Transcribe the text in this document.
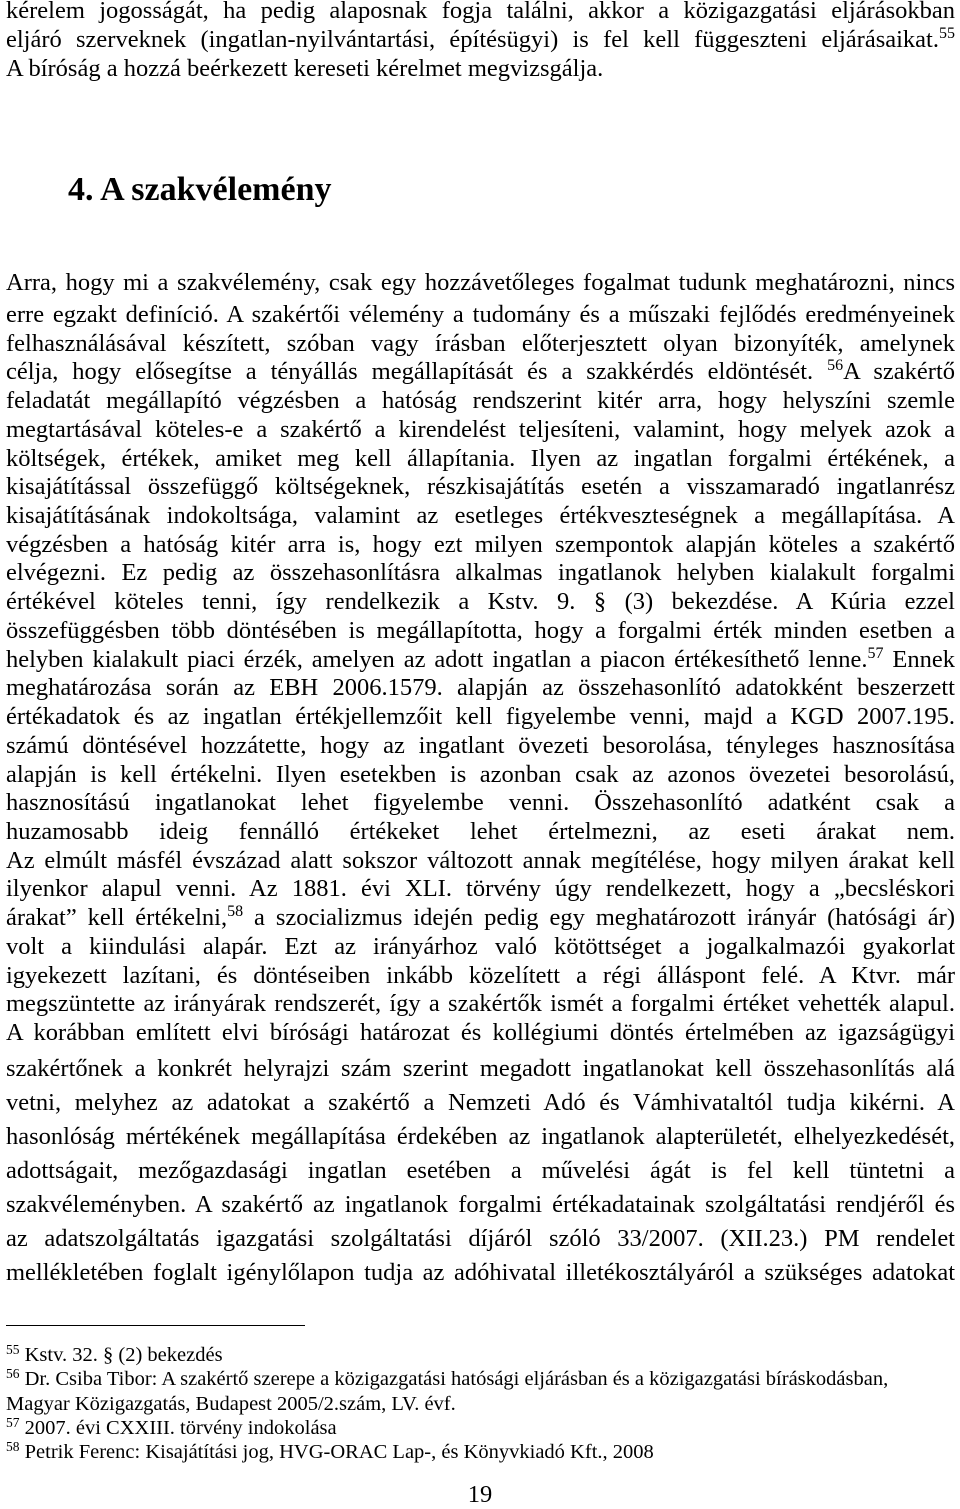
kérelem jogosságát, ha pedig alaposnak fogja találni, akkor a közigazgatási eljárásokban
eljáró szerveknek (ingatlan-nyilvántartási, építésügyi) is fel kell függeszteni eljárásaikat.$^{55}$
A bíróság a hozzá beérkezett kereseti kérelmet megvizsgálja.
4. A szakvélemény
Arra, hogy mi a szakvélemény, csak egy hozzávetőleges fogalmat tudunk meghatározni, nincs
erre egzakt definíció. A szakértői vélemény a tudomány és a műszaki fejlődés eredményeinek
felhasználásával készített, szóban vagy írásban előterjesztett olyan bizonyíték, amelynek
célja, hogy elősegítse a tényállás megállapítását és a szakkérdés eldöntését. $^{56}$A szakértő
feladatát megállapító végzésben a hatóság rendszerint kitér arra, hogy helyszíni szemle
megtartásával köteles-e a szakértő a kirendelést teljesíteni, valamint, hogy melyek azok a
költségek, értékek, amiket meg kell állapítania. Ilyen az ingatlan forgalmi értékének, a
kisajátítással összefüggő költségeknek, részkisajátítás esetén a visszamaradó ingatlanrész
kisajátításának indokoltsága, valamint az esetleges értékveszteségnek a megállapítása. A
végzésben a hatóság kitér arra is, hogy ezt milyen szempontok alapján köteles a szakértő
elvégezni. Ez pedig az összehasonlításra alkalmas ingatlanok helyben kialakult forgalmi
értékével köteles tenni, így rendelkezik a Kstv. 9. § (3) bekezdése. A Kúria ezzel
összefüggésben több döntésében is megállapította, hogy a forgalmi érték minden esetben a
helyben kialakult piaci érzék, amelyen az adott ingatlan a piacon értékesíthető lenne.$^{57}$ Ennek
meghatározása során az EBH 2006.1579. alapján az összehasonlító adatokként beszerzett
értékadatok és az ingatlan értékjellemzőit kell figyelembe venni, majd a KGD 2007.195.
számú döntésével hozzátette, hogy az ingatlant övezeti besorolása, tényleges hasznosítása
alapján is kell értékelni. Ilyen esetekben is azonban csak az azonos övezetei besorolású,
hasznosítású ingatlanokat lehet figyelembe venni. Összehasonlító adatként csak a
huzamosabb ideig fennálló értékeket lehet értelmezni, az eseti árakat nem.
Az elmúlt másfél évszázad alatt sokszor változott annak megítélése, hogy milyen árakat kell
ilyenkor alapul venni. Az 1881. évi XLI. törvény úgy rendelkezett, hogy a „becsléskori
árakat” kell értékelni,$^{58}$ a szocializmus idején pedig egy meghatározott irányár (hatósági ár)
volt a kiindulási alapár. Ezt az irányárhoz való kötöttséget a jogalkalmazói gyakorlat
igyekezett lazítani, és döntéseiben inkább közelített a régi álláspont felé. A Ktvr. már
megszüntette az irányárak rendszerét, így a szakértők ismét a forgalmi értéket vehették alapul.
A korábban említett elvi bírósági határozat és kollégiumi döntés értelmében az igazságügyi
szakértőnek a konkrét helyrajzi szám szerint megadott ingatlanokat kell összehasonlítás alá
vetni, melyhez az adatokat a szakértő a Nemzeti Adó és Vámhivataltól tudja kikérni. A
hasonlóság mértékének megállapítása érdekében az ingatlanok alapterületét, elhelyezkedését,
adottságait, mezőgazdasági ingatlan esetében a művelési ágát is fel kell tüntetni a
szakvéleményben. A szakértő az ingatlanok forgalmi értékadatainak szolgáltatási rendjéről és
az adatszolgáltatás igazgatási szolgáltatási díjáról szóló 33/2007. (XII.23.) PM rendelet
mellékletében foglalt igénylőlapon tudja az adóhivatal illetékosztályáról a szükséges adatokat
$^{55}$ Kstv. 32. § (2) bekezdés
$^{56}$ Dr. Csiba Tibor: A szakértő szerepe a közigazgatási hatósági eljárásban és a közigazgatási bíráskodásban,
Magyar Közigazgatás, Budapest 2005/2.szám, LV. évf.
$^{57}$ 2007. évi CXXIII. törvény indokolása
$^{58}$ Petrik Ferenc: Kisajátítási jog, HVG-ORAC Lap-, és Könyvkiadó Kft., 2008
19
